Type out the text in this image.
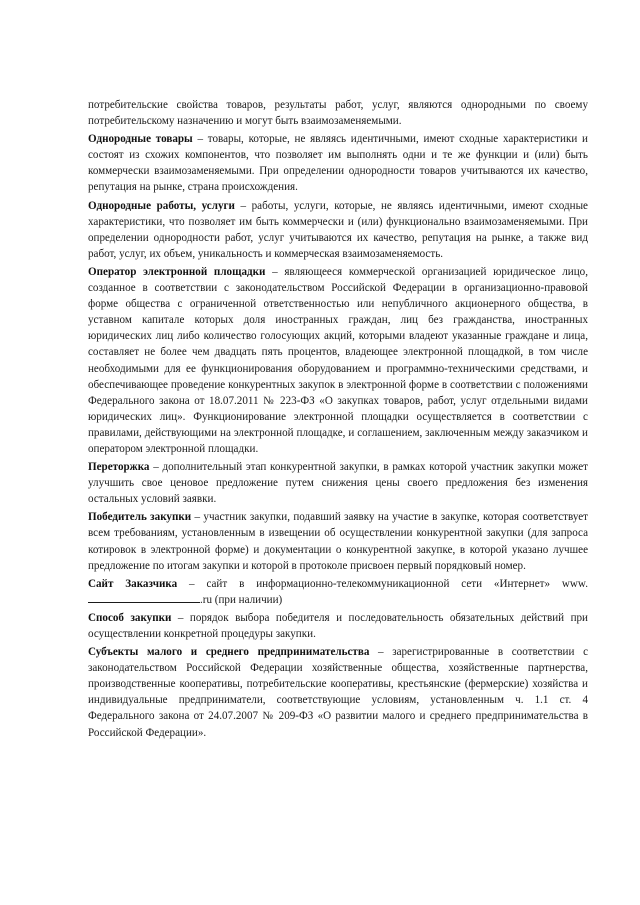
потребительские свойства товаров, результаты работ, услуг, являются однородными по своему потребительскому назначению и могут быть взаимозаменяемыми.

Однородные товары – товары, которые, не являясь идентичными, имеют сходные характеристики и состоят из схожих компонентов, что позволяет им выполнять одни и те же функции и (или) быть коммерчески взаимозаменяемыми. При определении однородности товаров учитываются их качество, репутация на рынке, страна происхождения.

Однородные работы, услуги – работы, услуги, которые, не являясь идентичными, имеют сходные характеристики, что позволяет им быть коммерчески и (или) функционально взаимозаменяемыми. При определении однородности работ, услуг учитываются их качество, репутация на рынке, а также вид работ, услуг, их объем, уникальность и коммерческая взаимозаменяемость.

Оператор электронной площадки – являющееся коммерческой организацией юридическое лицо, созданное в соответствии с законодательством Российской Федерации в организационно-правовой форме общества с ограниченной ответственностью или непубличного акционерного общества, в уставном капитале которых доля иностранных граждан, лиц без гражданства, иностранных юридических лиц либо количество голосующих акций, которыми владеют указанные граждане и лица, составляет не более чем двадцать пять процентов, владеющее электронной площадкой, в том числе необходимыми для ее функционирования оборудованием и программно-техническими средствами, и обеспечивающее проведение конкурентных закупок в электронной форме в соответствии с положениями Федерального закона от 18.07.2011 № 223-ФЗ «О закупках товаров, работ, услуг отдельными видами юридических лиц». Функционирование электронной площадки осуществляется в соответствии с правилами, действующими на электронной площадке, и соглашением, заключенным между заказчиком и оператором электронной площадки.

Переторжка – дополнительный этап конкурентной закупки, в рамках которой участник закупки может улучшить свое ценовое предложение путем снижения цены своего предложения без изменения остальных условий заявки.

Победитель закупки – участник закупки, подавший заявку на участие в закупке, которая соответствует всем требованиям, установленным в извещении об осуществлении конкурентной закупки (для запроса котировок в электронной форме) и документации о конкурентной закупке, в которой указано лучшее предложение по итогам закупки и которой в протоколе присвоен первый порядковый номер.

Сайт Заказчика – сайт в информационно-телекоммуникационной сети «Интернет» www..ru (при наличии)

Способ закупки – порядок выбора победителя и последовательность обязательных действий при осуществлении конкретной процедуры закупки.

Субъекты малого и среднего предпринимательства – зарегистрированные в соответствии с законодательством Российской Федерации хозяйственные общества, хозяйственные партнерства, производственные кооперативы, потребительские кооперативы, крестьянские (фермерские) хозяйства и индивидуальные предприниматели, соответствующие условиям, установленным ч. 1.1 ст. 4 Федерального закона от 24.07.2007 № 209-ФЗ «О развитии малого и среднего предпринимательства в Российской Федерации».
